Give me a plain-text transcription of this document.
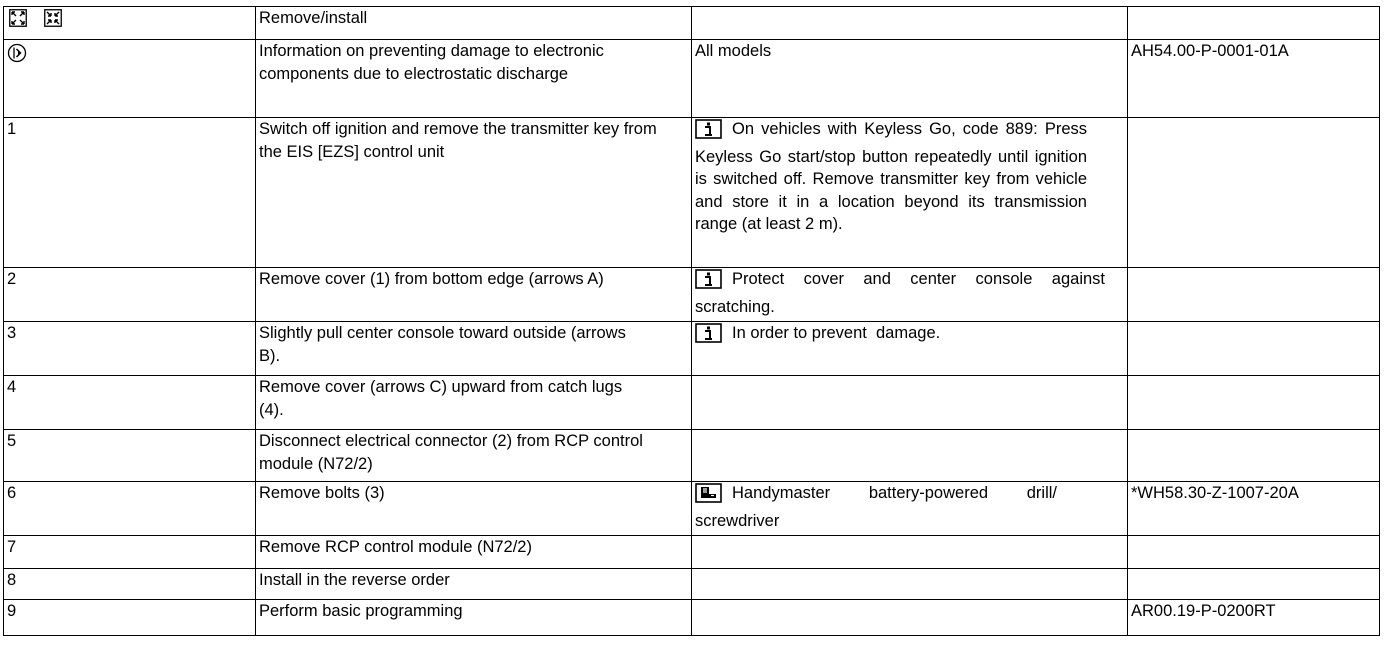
	Remove/install		

	Information on preventing damage to electronic components due to electrostatic discharge	All models	AH54.00-P-0001-01A
1	Switch off ignition and remove the transmitter key from the EIS [EZS] control unit	On vehicles with Keyless Go, code 889: Press Keyless Go start/stop button repeatedly until ignition is switched off. Remove transmitter key from vehicle and store it in a location beyond its transmission range (at least 2 m).	
2	Remove cover (1) from bottom edge (arrows A)	Protect cover and center console against scratching.	
3	Slightly pull center console toward outside (arrows B).	In order to prevent  damage.	
4	Remove cover (arrows C) upward from catch lugs (4).		
5	Disconnect electrical connector (2) from RCP control module (N72/2)		
6	Remove bolts (3)	Handymaster battery-powered drill/ screwdriver	*WH58.30-Z-1007-20A
7	Remove RCP control module (N72/2)		
8	Install in the reverse order		
9	Perform basic programming		AR00.19-P-0200RT
